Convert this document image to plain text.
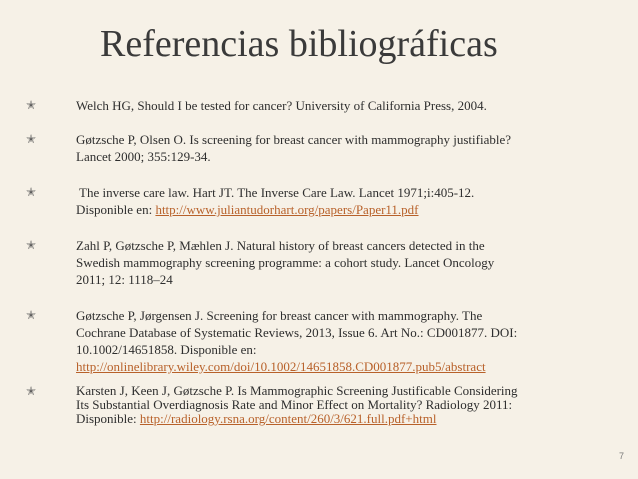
Referencias bibliográficas
✭	Welch HG, Should I be tested for cancer? University of California Press, 2004.
✭	Gøtzsche P, Olsen O. Is screening for breast cancer with mammography justifiable?
Lancet 2000; 355:129-34.
✭	The inverse care law. Hart JT. The Inverse Care Law. Lancet 1971;i:405-12.
Disponible en: http://www.juliantudorhart.org/papers/Paper11.pdf
✭	Zahl P, Gøtzsche P, Mæhlen J. Natural history of breast cancers detected in the
Swedish mammography screening programme: a cohort study. Lancet Oncology
2011; 12: 1118–24
✭	Gøtzsche P, Jørgensen J. Screening for breast cancer with mammography. The
Cochrane Database of Systematic Reviews, 2013, Issue 6. Art No.: CD001877. DOI:
10.1002/14651858. Disponible en:
http://onlinelibrary.wiley.com/doi/10.1002/14651858.CD001877.pub5/abstract
✭	Karsten J, Keen J, Gøtzsche P. Is Mammographic Screening Justificable Considering
Its Substantial Overdiagnosis Rate and Minor Effect on Mortality? Radiology 2011:
Disponible: http://radiology.rsna.org/content/260/3/621.full.pdf+html
7
